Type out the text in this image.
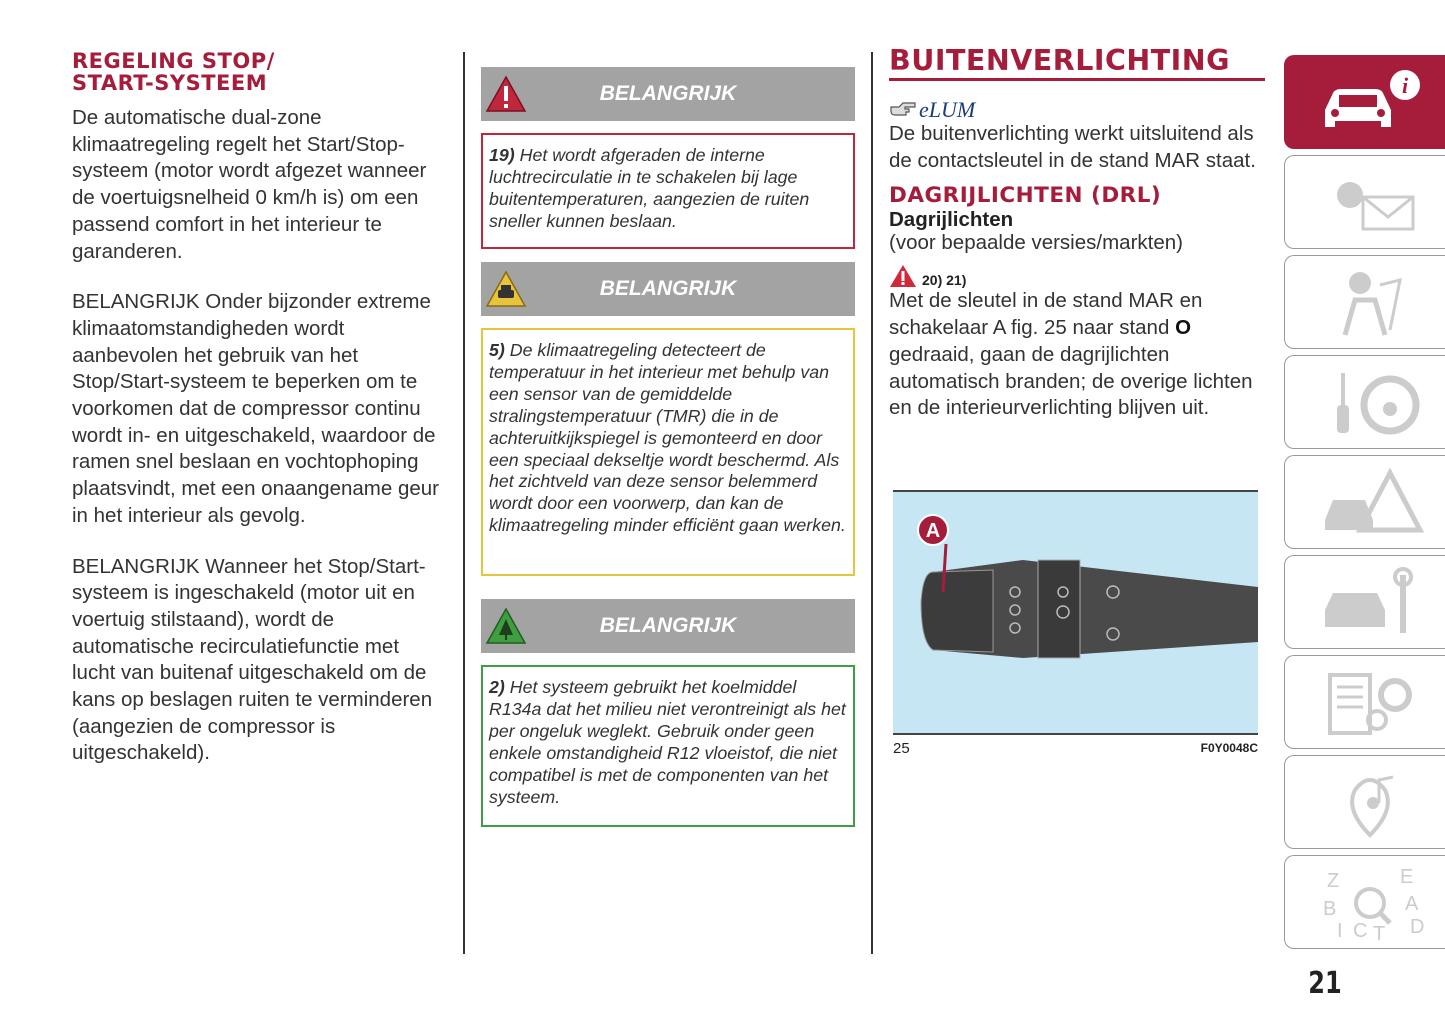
REGELING STOP/
START-SYSTEEM

De automatische dual-zone klimaatregeling regelt het Start/Stop-systeem (motor wordt afgezet wanneer de voertuigsnelheid 0 km/h is) om een passend comfort in het interieur te garanderen.

BELANGRIJK Onder bijzonder extreme klimaatomstandigheden wordt aanbevolen het gebruik van het Stop/Start-systeem te beperken om te voorkomen dat de compressor continu wordt in- en uitgeschakeld, waardoor de ramen snel beslaan en vochtophoping plaatsvindt, met een onaangename geur in het interieur als gevolg.

BELANGRIJK Wanneer het Stop/Start-systeem is ingeschakeld (motor uit en voertuig stilstaand), wordt de automatische recirculatiefunctie met lucht van buitenaf uitgeschakeld om de kans op beslagen ruiten te verminderen (aangezien de compressor is uitgeschakeld).

BELANGRIJK
19) Het wordt afgeraden de interne luchtrecirculatie in te schakelen bij lage buitentemperaturen, aangezien de ruiten sneller kunnen beslaan.
BELANGRIJK
5) De klimaatregeling detecteert de temperatuur in het interieur met behulp van een sensor van de gemiddelde stralingstemperatuur (TMR) die in de achteruitkijkspiegel is gemonteerd en door een speciaal dekseltje wordt beschermd. Als het zichtveld van deze sensor belemmerd wordt door een voorwerp, dan kan de klimaatregeling minder efficiënt gaan werken.
BELANGRIJK
2) Het systeem gebruikt het koelmiddel R134a dat het milieu niet verontreinigt als het per ongeluk weglekt. Gebruik onder geen enkele omstandigheid R12 vloeistof, die niet compatibel is met de componenten van het systeem.
BUITENVERLICHTING
eLUM

De buitenverlichting werkt uitsluitend als de contactsleutel in de stand MAR staat.

DAGRIJLICHTEN (DRL)
Dagrijlichten
(voor bepaalde versies/markten)
20) 21)

Met de sleutel in de stand MAR en schakelaar A fig. 25 naar stand O gedraaid, gaan de dagrijlichten automatisch branden; de overige lichten en de interieurverlichting blijven uit.

A
25	F0Y0048C
i
Z	E
B	A
I C T D
21
